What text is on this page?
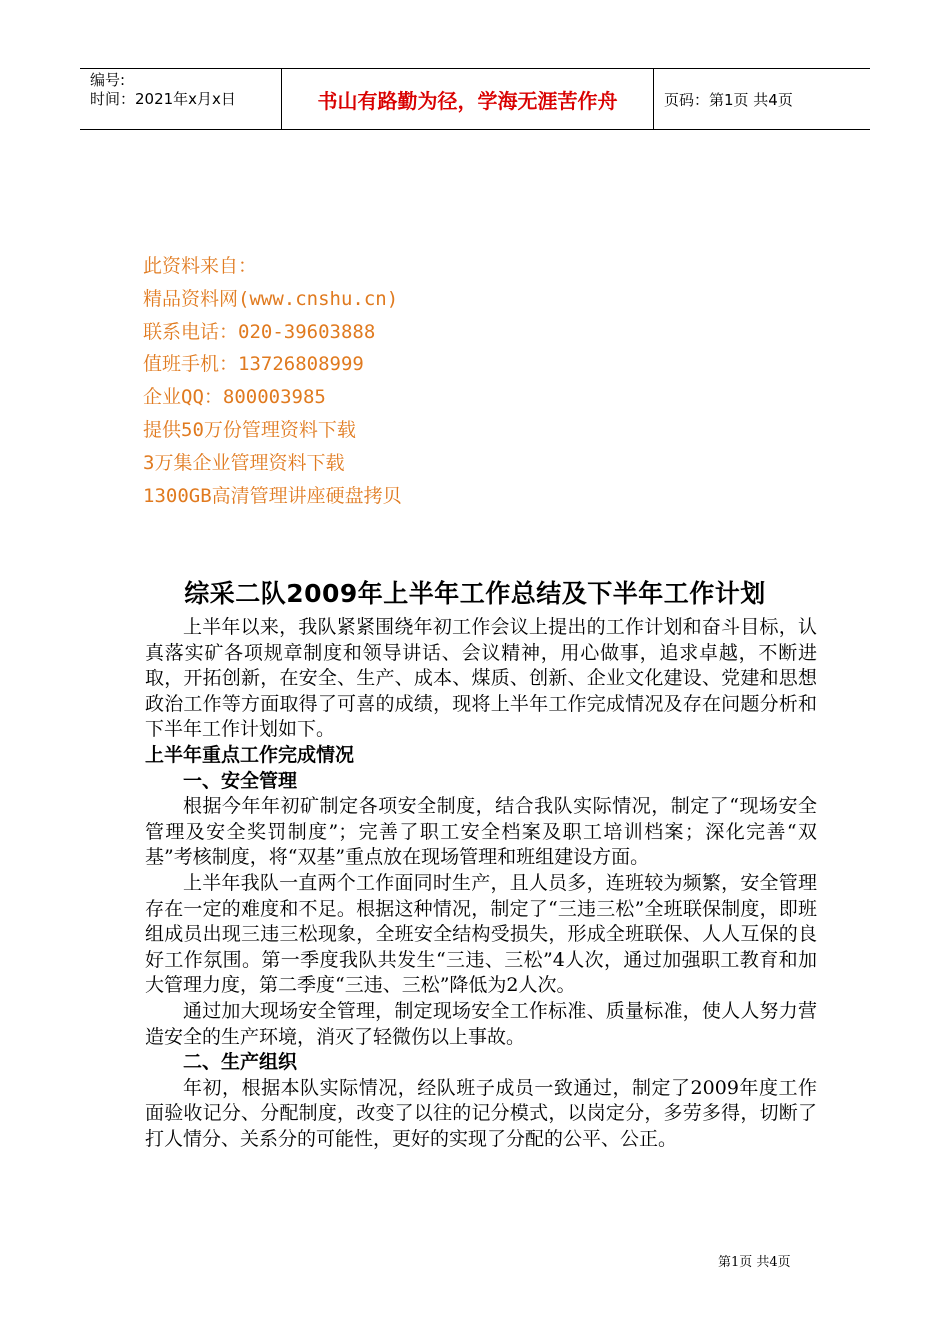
编号:
时间：2021年x月x日	书山有路勤为径，学海无涯苦作舟	页码：第1页 共4页
此资料来自：
精品资料网(www.cnshu.cn)
联系电话：020-39603888
值班手机：13726808999
企业QQ：800003985
提供50万份管理资料下载
3万集企业管理资料下载
1300GB高清管理讲座硬盘拷贝
综采二队2009年上半年工作总结及下半年工作计划

上半年以来，我队紧紧围绕年初工作会议上提出的工作计划和奋斗目标，认真落实矿各项规章制度和领导讲话、会议精神，用心做事，追求卓越，不断进取，开拓创新，在安全、生产、成本、煤质、创新、企业文化建设、党建和思想政治工作等方面取得了可喜的成绩，现将上半年工作完成情况及存在问题分析和下半年工作计划如下。

上半年重点工作完成情况

一、安全管理

根据今年年初矿制定各项安全制度，结合我队实际情况，制定了“现场安全管理及安全奖罚制度”；完善了职工安全档案及职工培训档案；深化完善“双基”考核制度，将“双基”重点放在现场管理和班组建设方面。

上半年我队一直两个工作面同时生产，且人员多，连班较为频繁，安全管理存在一定的难度和不足。根据这种情况，制定了“三违三松”全班联保制度，即班组成员出现三违三松现象，全班安全结构受损失，形成全班联保、人人互保的良好工作氛围。第一季度我队共发生“三违、三松”4人次，通过加强职工教育和加大管理力度，第二季度“三违、三松”降低为2人次。

通过加大现场安全管理，制定现场安全工作标准、质量标准，使人人努力营造安全的生产环境，消灭了轻微伤以上事故。

二、生产组织

年初，根据本队实际情况，经队班子成员一致通过，制定了2009年度工作面验收记分、分配制度，改变了以往的记分模式，以岗定分，多劳多得，切断了打人情分、关系分的可能性，更好的实现了分配的公平、公正。

第1页 共4页
